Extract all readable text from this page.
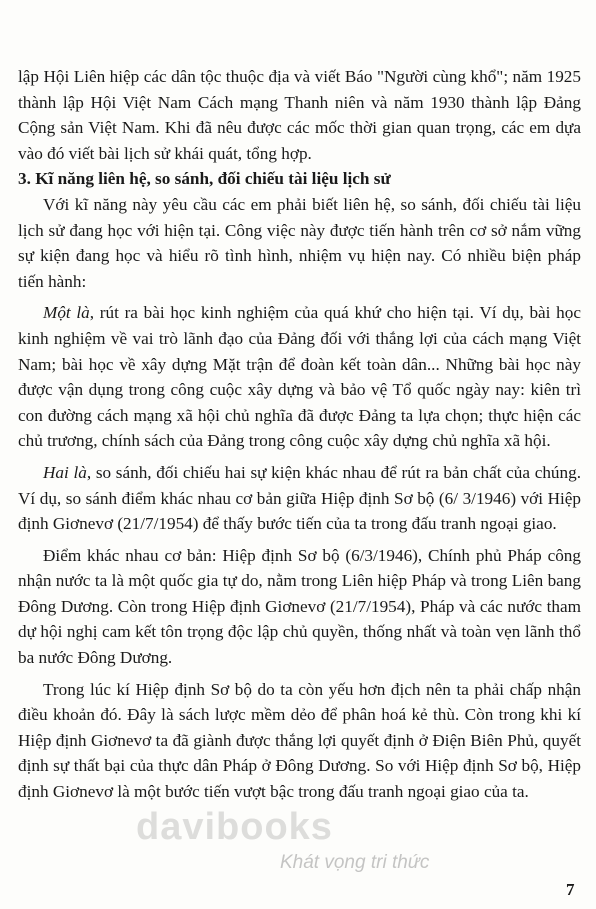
lập Hội Liên hiệp các dân tộc thuộc địa và viết Báo "Người cùng khổ"; năm 1925 thành lập Hội Việt Nam Cách mạng Thanh niên và năm 1930 thành lập Đảng Cộng sản Việt Nam. Khi đã nêu được các mốc thời gian quan trọng, các em dựa vào đó viết bài lịch sử khái quát, tổng hợp.

3. Kĩ năng liên hệ, so sánh, đối chiếu tài liệu lịch sử

Với kĩ năng này yêu cầu các em phải biết liên hệ, so sánh, đối chiếu tài liệu lịch sử đang học với hiện tại. Công việc này được tiến hành trên cơ sở nắm vững sự kiện đang học và hiểu rõ tình hình, nhiệm vụ hiện nay. Có nhiều biện pháp tiến hành:

Một là, rút ra bài học kinh nghiệm của quá khứ cho hiện tại. Ví dụ, bài học kinh nghiệm về vai trò lãnh đạo của Đảng đối với thắng lợi của cách mạng Việt Nam; bài học về xây dựng Mặt trận để đoàn kết toàn dân... Những bài học này được vận dụng trong công cuộc xây dựng và bảo vệ Tổ quốc ngày nay: kiên trì con đường cách mạng xã hội chủ nghĩa đã được Đảng ta lựa chọn; thực hiện các chủ trương, chính sách của Đảng trong công cuộc xây dựng chủ nghĩa xã hội.

Hai là, so sánh, đối chiếu hai sự kiện khác nhau để rút ra bản chất của chúng. Ví dụ, so sánh điểm khác nhau cơ bản giữa Hiệp định Sơ bộ (6/ 3/1946) với Hiệp định Giơnevơ (21/7/1954) để thấy bước tiến của ta trong đấu tranh ngoại giao.

Điểm khác nhau cơ bản: Hiệp định Sơ bộ (6/3/1946), Chính phủ Pháp công nhận nước ta là một quốc gia tự do, nằm trong Liên hiệp Pháp và trong Liên bang Đông Dương. Còn trong Hiệp định Giơnevơ (21/7/1954), Pháp và các nước tham dự hội nghị cam kết tôn trọng độc lập chủ quyền, thống nhất và toàn vẹn lãnh thổ ba nước Đông Dương.

Trong lúc kí Hiệp định Sơ bộ do ta còn yếu hơn địch nên ta phải chấp nhận điều khoản đó. Đây là sách lược mềm dẻo để phân hoá kẻ thù. Còn trong khi kí Hiệp định Giơnevơ ta đã giành được thắng lợi quyết định ở Điện Biên Phủ, quyết định sự thất bại của thực dân Pháp ở Đông Dương. So với Hiệp định Sơ bộ, Hiệp định Giơnevơ là một bước tiến vượt bậc trong đấu tranh ngoại giao của ta.

davibooks
Khát vọng tri thức
7
